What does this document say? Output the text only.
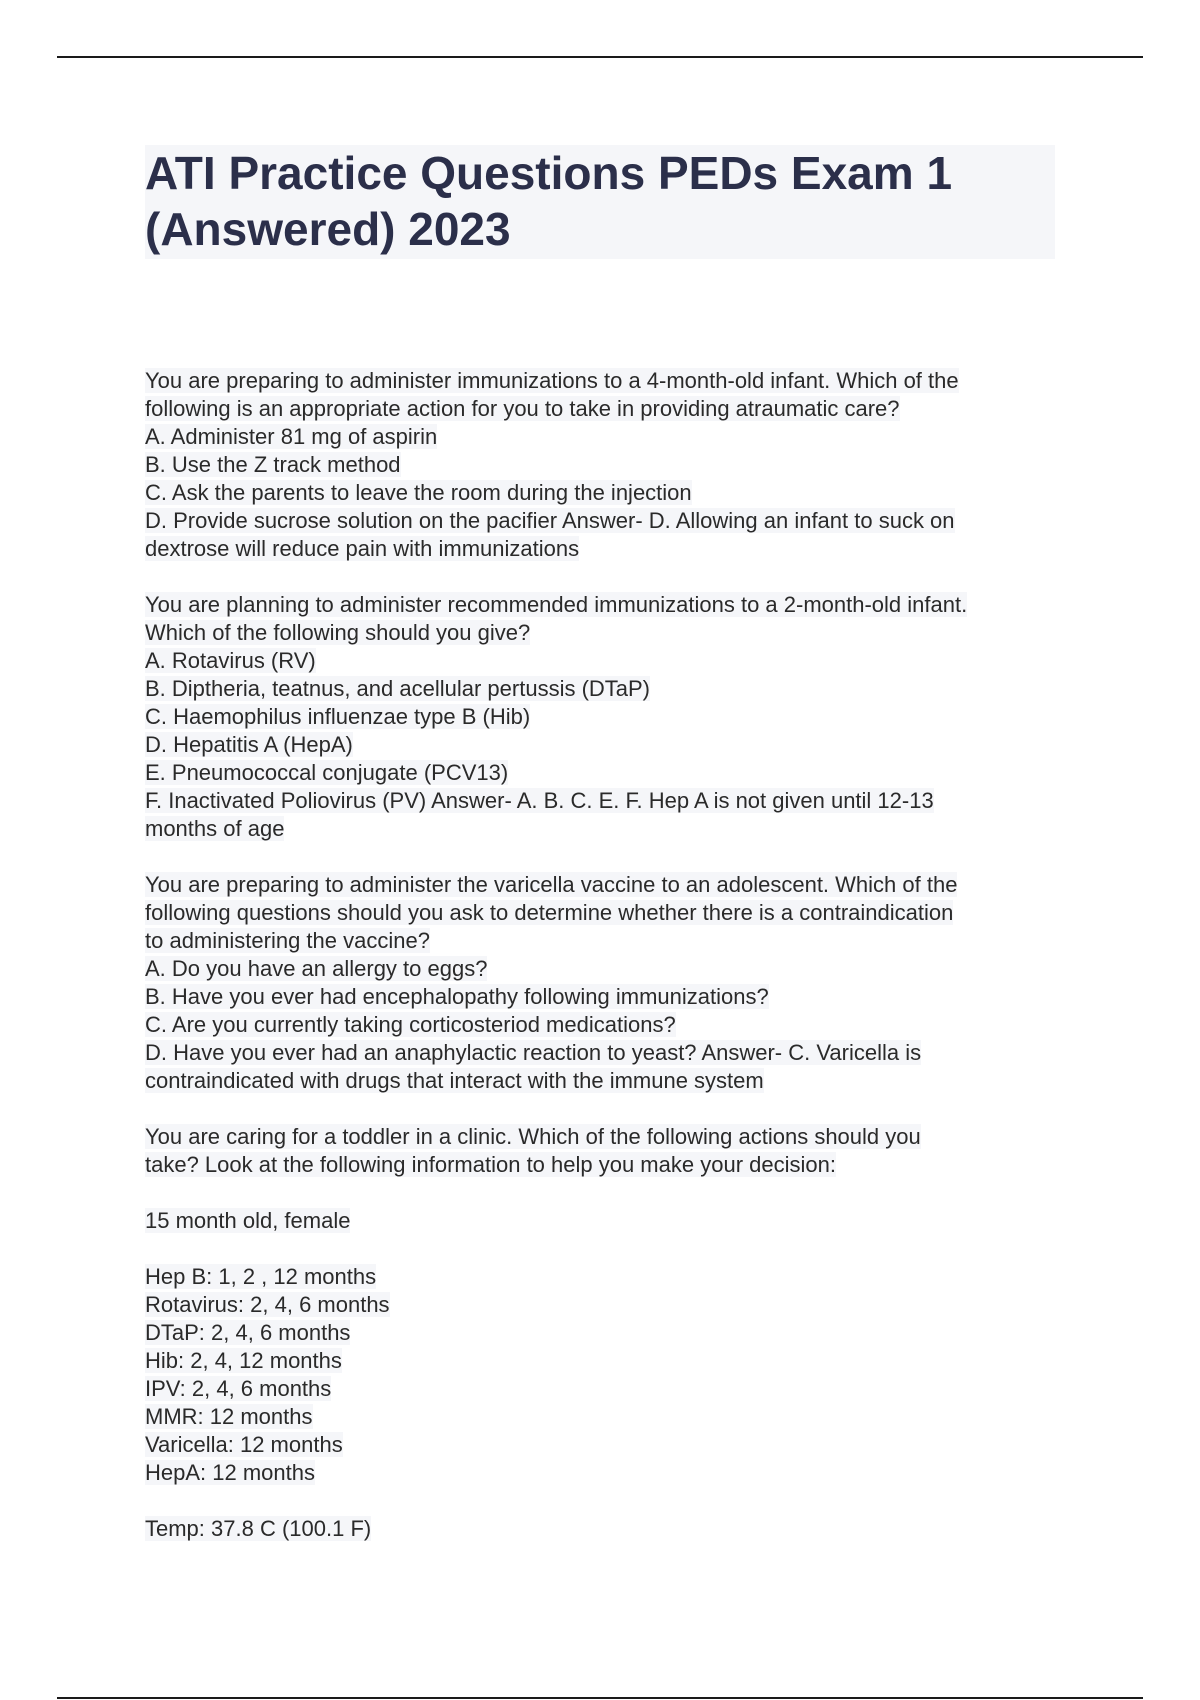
ATI Practice Questions PEDs Exam 1
(Answered) 2023
You are preparing to administer immunizations to a 4-month-old infant. Which of the
following is an appropriate action for you to take in providing atraumatic care?
A. Administer 81 mg of aspirin
B. Use the Z track method
C. Ask the parents to leave the room during the injection
D. Provide sucrose solution on the pacifier Answer- D. Allowing an infant to suck on
dextrose will reduce pain with immunizations
You are planning to administer recommended immunizations to a 2-month-old infant.
Which of the following should you give?
A. Rotavirus (RV)
B. Diptheria, teatnus, and acellular pertussis (DTaP)
C. Haemophilus influenzae type B (Hib)
D. Hepatitis A (HepA)
E. Pneumococcal conjugate (PCV13)
F. Inactivated Poliovirus (PV) Answer- A. B. C. E. F. Hep A is not given until 12-13
months of age
You are preparing to administer the varicella vaccine to an adolescent. Which of the
following questions should you ask to determine whether there is a contraindication
to administering the vaccine?
A. Do you have an allergy to eggs?
B. Have you ever had encephalopathy following immunizations?
C. Are you currently taking corticosteriod medications?
D. Have you ever had an anaphylactic reaction to yeast? Answer- C. Varicella is
contraindicated with drugs that interact with the immune system
You are caring for a toddler in a clinic. Which of the following actions should you
take? Look at the following information to help you make your decision:
15 month old, female
Hep B: 1, 2 , 12 months
Rotavirus: 2, 4, 6 months
DTaP: 2, 4, 6 months
Hib: 2, 4, 12 months
IPV: 2, 4, 6 months
MMR: 12 months
Varicella: 12 months
HepA: 12 months
Temp: 37.8 C (100.1 F)
